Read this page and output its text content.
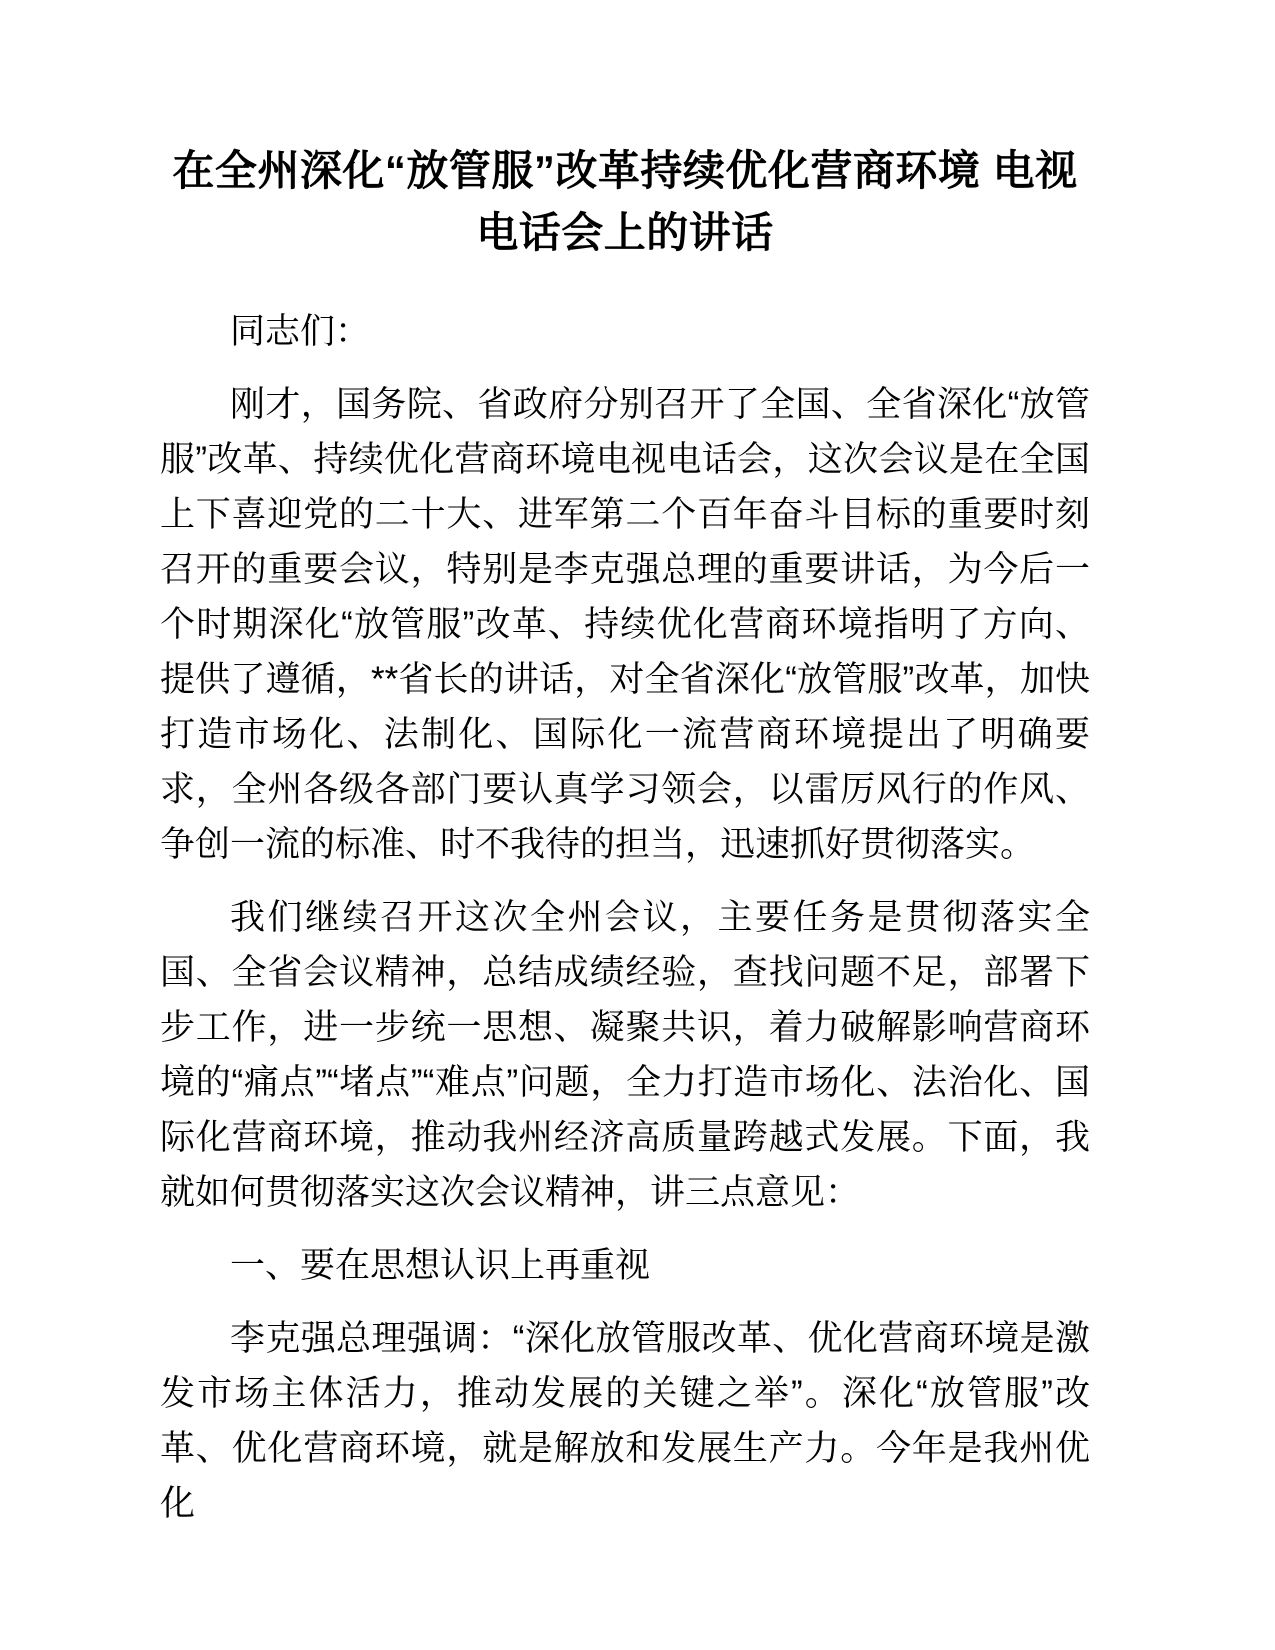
在全州深化“放管服”改革持续优化营商环境 电视电话会上的讲话

同志们：

刚才，国务院、省政府分别召开了全国、全省深化“放管服”改革、持续优化营商环境电视电话会，这次会议是在全国上下喜迎党的二十大、进军第二个百年奋斗目标的重要时刻召开的重要会议，特别是李克强总理的重要讲话，为今后一个时期深化“放管服”改革、持续优化营商环境指明了方向、提供了遵循，**省长的讲话，对全省深化“放管服”改革，加快打造市场化、法制化、国际化一流营商环境提出了明确要求，全州各级各部门要认真学习领会，以雷厉风行的作风、争创一流的标准、时不我待的担当，迅速抓好贯彻落实。

我们继续召开这次全州会议，主要任务是贯彻落实全国、全省会议精神，总结成绩经验，查找问题不足，部署下步工作，进一步统一思想、凝聚共识，着力破解影响营商环境的“痛点”“堵点”“难点”问题，全力打造市场化、法治化、国际化营商环境，推动我州经济高质量跨越式发展。下面，我就如何贯彻落实这次会议精神，讲三点意见：

一、要在思想认识上再重视

李克强总理强调：“深化放管服改革、优化营商环境是激发市场主体活力，推动发展的关键之举”。深化“放管服”改革、优化营商环境，就是解放和发展生产力。今年是我州优化
